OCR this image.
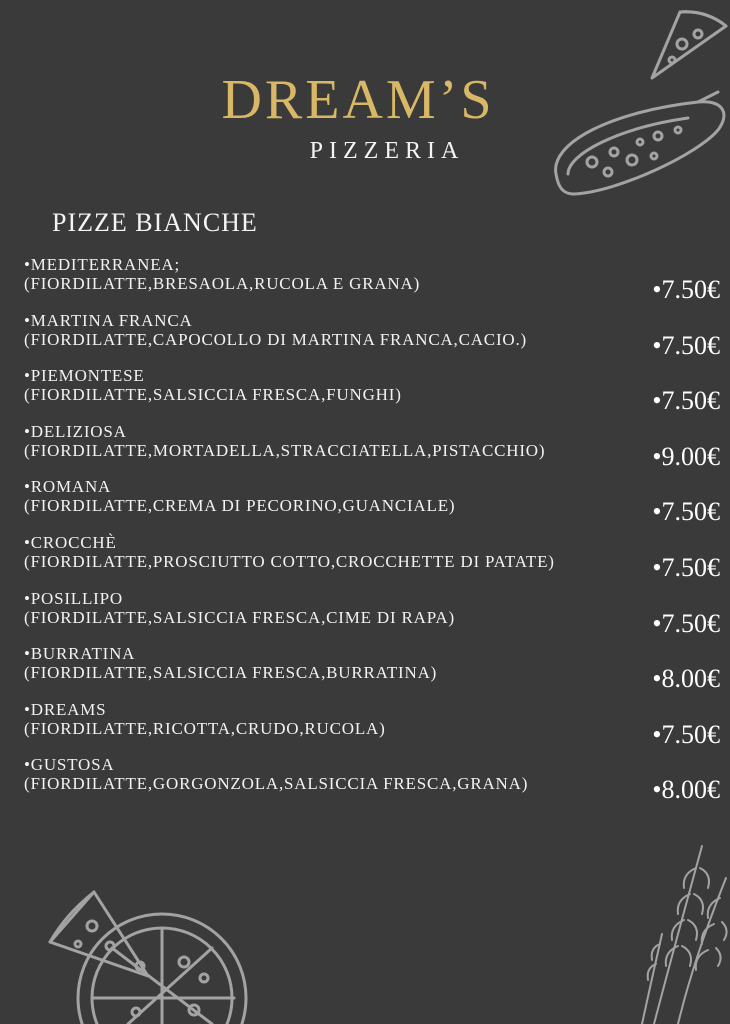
DREAM’S
PIZZERIA
PIZZE BIANCHE
•MEDITERRANEA;
(FIORDILATTE,BRESAOLA,RUCOLA E GRANA)	•7.50€
•MARTINA FRANCA
(FIORDILATTE,CAPOCOLLO DI MARTINA FRANCA,CACIO.)	•7.50€
•PIEMONTESE
(FIORDILATTE,SALSICCIA FRESCA,FUNGHI)	•7.50€
•DELIZIOSA
(FIORDILATTE,MORTADELLA,STRACCIATELLA,PISTACCHIO)	•9.00€
•ROMANA
(FIORDILATTE,CREMA DI PECORINO,GUANCIALE)	•7.50€
•CROCCHÈ
(FIORDILATTE,PROSCIUTTO COTTO,CROCCHETTE DI PATATE)	•7.50€
•POSILLIPO
(FIORDILATTE,SALSICCIA FRESCA,CIME DI RAPA)	•7.50€
•BURRATINA
(FIORDILATTE,SALSICCIA FRESCA,BURRATINA)	•8.00€
•DREAMS
(FIORDILATTE,RICOTTA,CRUDO,RUCOLA)	•7.50€
•GUSTOSA
(FIORDILATTE,GORGONZOLA,SALSICCIA FRESCA,GRANA)	•8.00€
